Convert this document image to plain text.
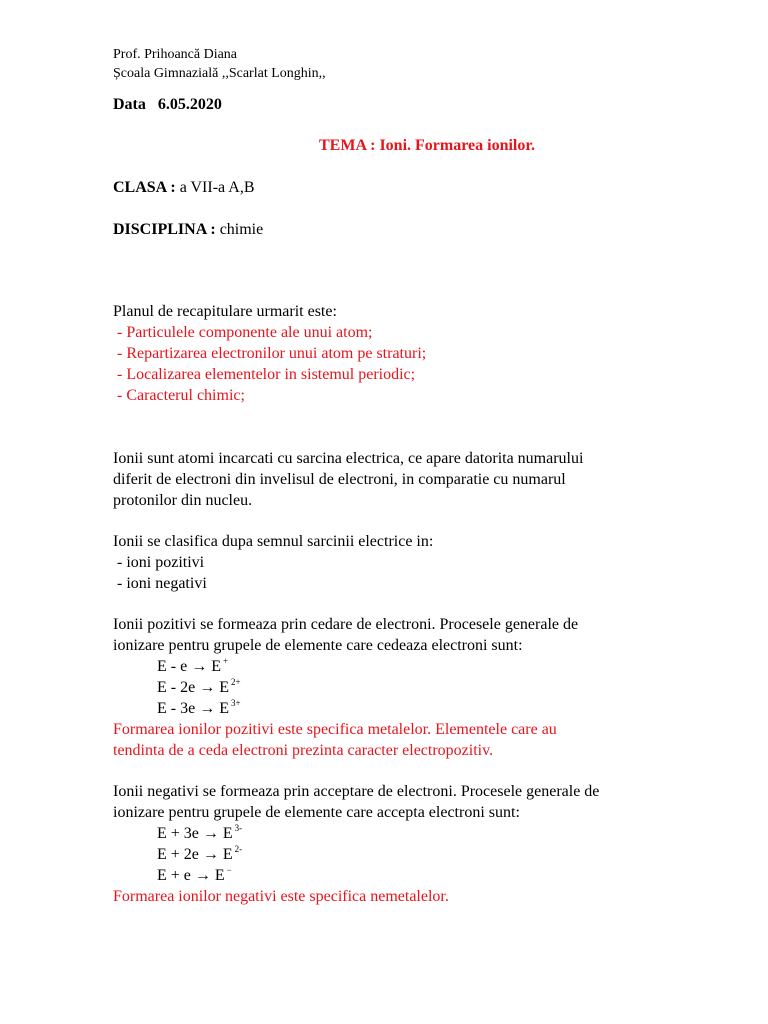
Prof. Prihoancă Diana
Școala Gimnazială ,,Scarlat Longhin,,
Data 6.05.2020
TEMA : Ioni. Formarea ionilor.
CLASA : a VII-a A,B
DISCIPLINA : chimie
Planul de recapitulare urmarit este:
- Particulele componente ale unui atom;
- Repartizarea electronilor unui atom pe straturi;
- Localizarea elementelor in sistemul periodic;
- Caracterul chimic;
Ionii sunt atomi incarcati cu sarcina electrica, ce apare datorita numarului
diferit de electroni din invelisul de electroni, in comparatie cu numarul
protonilor din nucleu.
Ionii se clasifica dupa semnul sarcinii electrice in:
- ioni pozitivi
- ioni negativi
Ionii pozitivi se formeaza prin cedare de electroni. Procesele generale de
ionizare pentru grupele de elemente care cedeaza electroni sunt:
E - e → E +
E - 2e → E $^{2+}$
E - 3e → E $^{3+}$
Formarea ionilor pozitivi este specifica metalelor. Elementele care au
tendinta de a ceda electroni prezinta caracter electropozitiv.
Ionii negativi se formeaza prin acceptare de electroni. Procesele generale de
ionizare pentru grupele de elemente care accepta electroni sunt:
E + 3e → E $^{3-}$
E + 2e → E $^{2-}$
E + e → E −
Formarea ionilor negativi este specifica nemetalelor.
